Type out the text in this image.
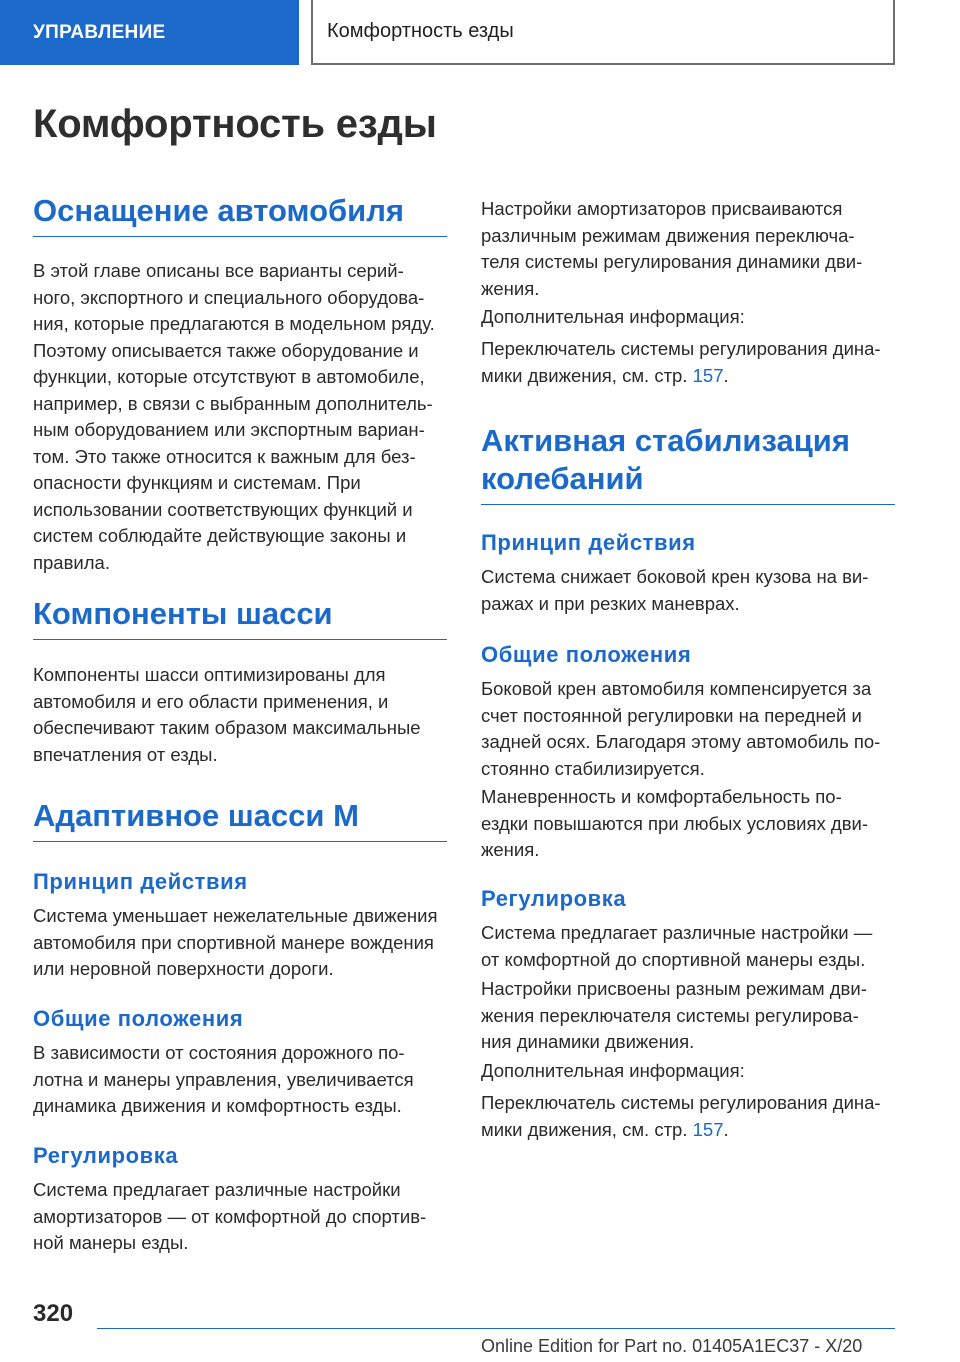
УПРАВЛЕНИЕ	Комфортность езды
Комфортность езды
Оснащение автомобиля

В этой главе описаны все варианты серий-
ного, экспортного и специального оборудова-
ния, которые предлагаются в модельном ряду.
Поэтому описывается также оборудование и
функции, которые отсутствуют в автомобиле,
например, в связи с выбранным дополнитель-
ным оборудованием или экспортным вариан-
том. Это также относится к важным для без-
опасности функциям и системам. При
использовании соответствующих функций и
систем соблюдайте действующие законы и
правила.

Компоненты шасси

Компоненты шасси оптимизированы для
автомобиля и его области применения, и
обеспечивают таким образом максимальные
впечатления от езды.

Адаптивное шасси M
Принцип действия

Система уменьшает нежелательные движения
автомобиля при спортивной манере вождения
или неровной поверхности дороги.

Общие положения

В зависимости от состояния дорожного по-
лотна и манеры управления, увеличивается
динамика движения и комфортность езды.

Регулировка

Система предлагает различные настройки
амортизаторов — от комфортной до спортив-
ной манеры езды.

Настройки амортизаторов присваиваются
различным режимам движения переключа-
теля системы регулирования динамики дви-
жения.

Дополнительная информация:

Переключатель системы регулирования дина-
мики движения, см. стр. 157.

Активная стабилизация
колебаний
Принцип действия

Система снижает боковой крен кузова на ви-
ражах и при резких маневрах.

Общие положения

Боковой крен автомобиля компенсируется за
счет постоянной регулировки на передней и
задней осях. Благодаря этому автомобиль по-
стоянно стабилизируется.

Маневренность и комфортабельность по-
ездки повышаются при любых условиях дви-
жения.

Регулировка

Система предлагает различные настройки —
от комфортной до спортивной манеры езды.

Настройки присвоены разным режимам дви-
жения переключателя системы регулирова-
ния динамики движения.

Дополнительная информация:

Переключатель системы регулирования дина-
мики движения, см. стр. 157.

320
Online Edition for Part no. 01405A1EC37 - X/20
